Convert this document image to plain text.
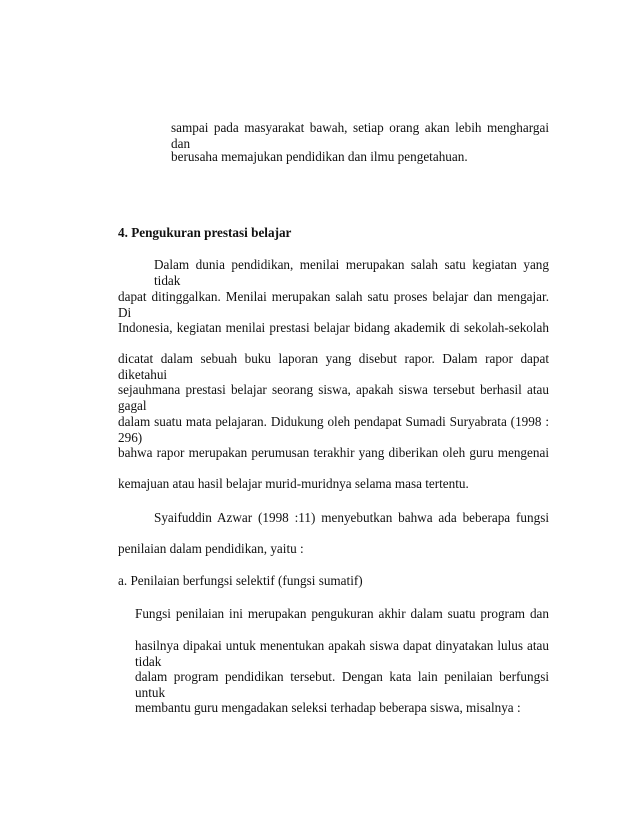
sampai pada masyarakat bawah, setiap orang akan lebih menghargai dan
berusaha memajukan pendidikan dan ilmu pengetahuan.
4. Pengukuran prestasi belajar
Dalam dunia pendidikan, menilai merupakan salah satu kegiatan yang tidak
dapat ditinggalkan. Menilai merupakan salah satu proses belajar dan mengajar. Di
Indonesia, kegiatan menilai prestasi belajar bidang akademik di sekolah-sekolah
dicatat dalam sebuah buku laporan yang disebut rapor. Dalam rapor dapat diketahui
sejauhmana prestasi belajar seorang siswa, apakah siswa tersebut berhasil atau gagal
dalam suatu mata pelajaran. Didukung oleh pendapat Sumadi Suryabrata (1998 : 296)
bahwa rapor merupakan perumusan terakhir yang diberikan oleh guru mengenai
kemajuan atau hasil belajar murid-muridnya selama masa tertentu.
Syaifuddin Azwar (1998 :11) menyebutkan bahwa ada beberapa fungsi
penilaian dalam pendidikan, yaitu :
a. Penilaian berfungsi selektif (fungsi sumatif)
Fungsi penilaian ini merupakan pengukuran akhir dalam suatu program dan
hasilnya dipakai untuk menentukan apakah siswa dapat dinyatakan lulus atau tidak
dalam program pendidikan tersebut. Dengan kata lain penilaian berfungsi untuk
membantu guru mengadakan seleksi terhadap beberapa siswa, misalnya :
